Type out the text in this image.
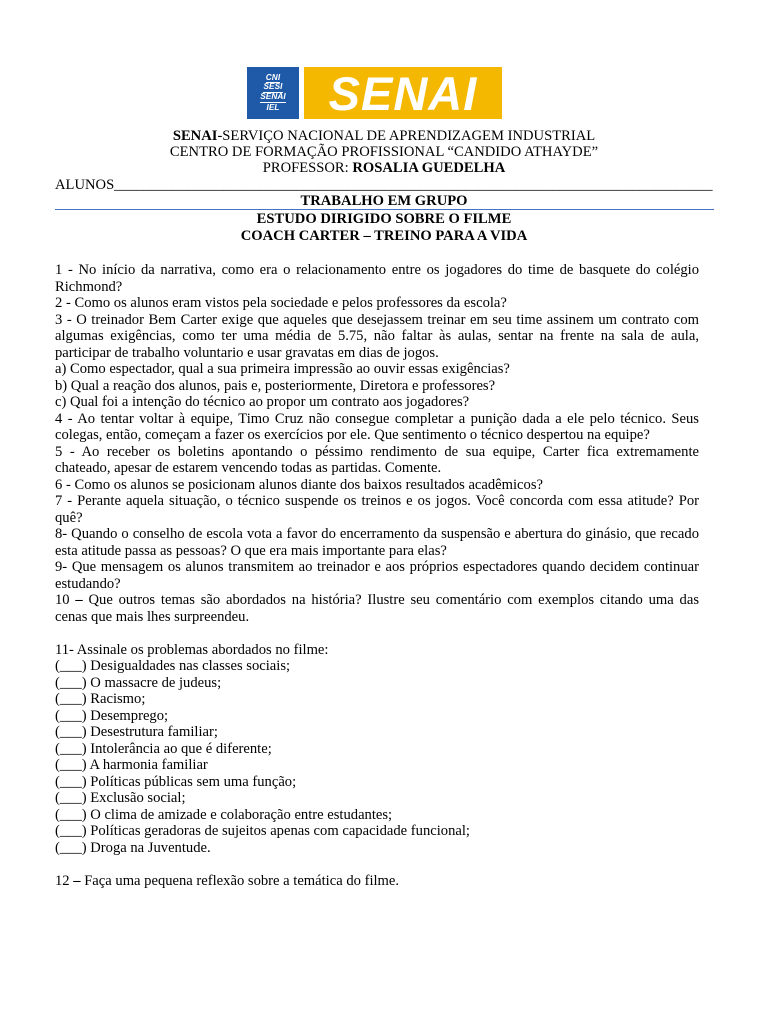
CNI
SESI
SENAI
IEL	SENAI
SENAI-SERVIÇO NACIONAL DE APRENDIZAGEM INDUSTRIAL
CENTRO DE FORMAÇÃO PROFISSIONAL “CANDIDO ATHAYDE”
PROFESSOR: ROSALIA GUEDELHA
ALUNOS__________________________________________________________________________________
TRABALHO EM GRUPO
ESTUDO DIRIGIDO SOBRE O FILME
COACH CARTER – TREINO PARA A VIDA

1 - No início da narrativa, como era o relacionamento entre os jogadores do time de basquete do colégio Richmond?

2 - Como os alunos eram vistos pela sociedade e pelos professores da escola?

3 - O treinador Bem Carter exige que aqueles que desejassem treinar em seu time assinem um contrato com algumas exigências, como ter uma média de 5.75, não faltar às aulas, sentar na frente na sala de aula, participar de trabalho voluntario e usar gravatas em dias de jogos.

a) Como espectador, qual a sua primeira impressão ao ouvir essas exigências?

b) Qual a reação dos alunos, pais e, posteriormente, Diretora e professores?

c) Qual foi a intenção do técnico ao propor um contrato aos jogadores?

4 - Ao tentar voltar à equipe, Timo Cruz não consegue completar a punição dada a ele pelo técnico. Seus colegas, então, começam a fazer os exercícios por ele. Que sentimento o técnico despertou na equipe?

5 - Ao receber os boletins apontando o péssimo rendimento de sua equipe, Carter fica extremamente chateado, apesar de estarem vencendo todas as partidas. Comente.

6 - Como os alunos se posicionam alunos diante dos baixos resultados acadêmicos?

7 - Perante aquela situação, o técnico suspende os treinos e os jogos. Você concorda com essa atitude? Por quê?

8- Quando o conselho de escola vota a favor do encerramento da suspensão e abertura do ginásio, que recado esta atitude passa as pessoas? O que era mais importante para elas?

9- Que mensagem os alunos transmitem ao treinador e aos próprios espectadores quando decidem continuar estudando?

10 – Que outros temas são abordados na história? Ilustre seu comentário com exemplos citando uma das cenas que mais lhes surpreendeu.

11- Assinale os problemas abordados no filme:

(___) Desigualdades nas classes sociais;

(___) O massacre de judeus;

(___) Racismo;

(___) Desemprego;

(___) Desestrutura familiar;

(___) Intolerância ao que é diferente;

(___) A harmonia familiar

(___) Políticas públicas sem uma função;

(___) Exclusão social;

(___) O clima de amizade e colaboração entre estudantes;

(___) Políticas geradoras de sujeitos apenas com capacidade funcional;

(___) Droga na Juventude.

12 – Faça uma pequena reflexão sobre a temática do filme.
